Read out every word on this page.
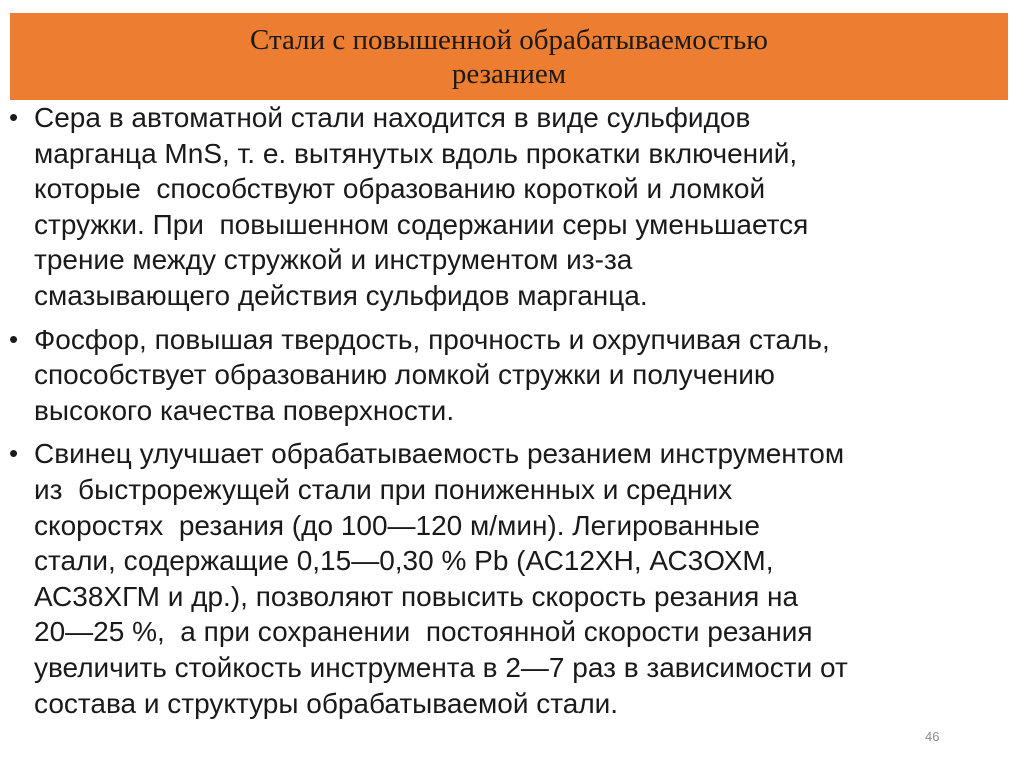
Стали с повышенной обрабатываемостью
резанием
• Сера в автоматной стали находится в виде сульфидов
марганца MnS, т. е. вытянутых вдоль прокатки включений,
которые  способствуют образованию короткой и ломкой
стружки. При  повышенном содержании серы уменьшается
трение между стружкой и инструментом из-за
смазывающего действия сульфидов марганца.
• Фосфор, повышая твердость, прочность и охрупчивая сталь,
способствует образованию ломкой стружки и получению
высокого качества поверхности.
• Свинец улучшает обрабатываемость резанием инструментом
из  быстрорежущей стали при пониженных и средних
скоростях  резания (до 100—120 м/мин). Легированные
стали, содержащие 0,15—0,30 % Pb (АС12ХН, АС3ОХМ,
АС38ХГМ и др.), позволяют повысить скорость резания на
20—25 %,  а при сохранении  постоянной скорости резания
увеличить стойкость инструмента в 2—7 раз в зависимости от
состава и структуры обрабатываемой стали.
46
